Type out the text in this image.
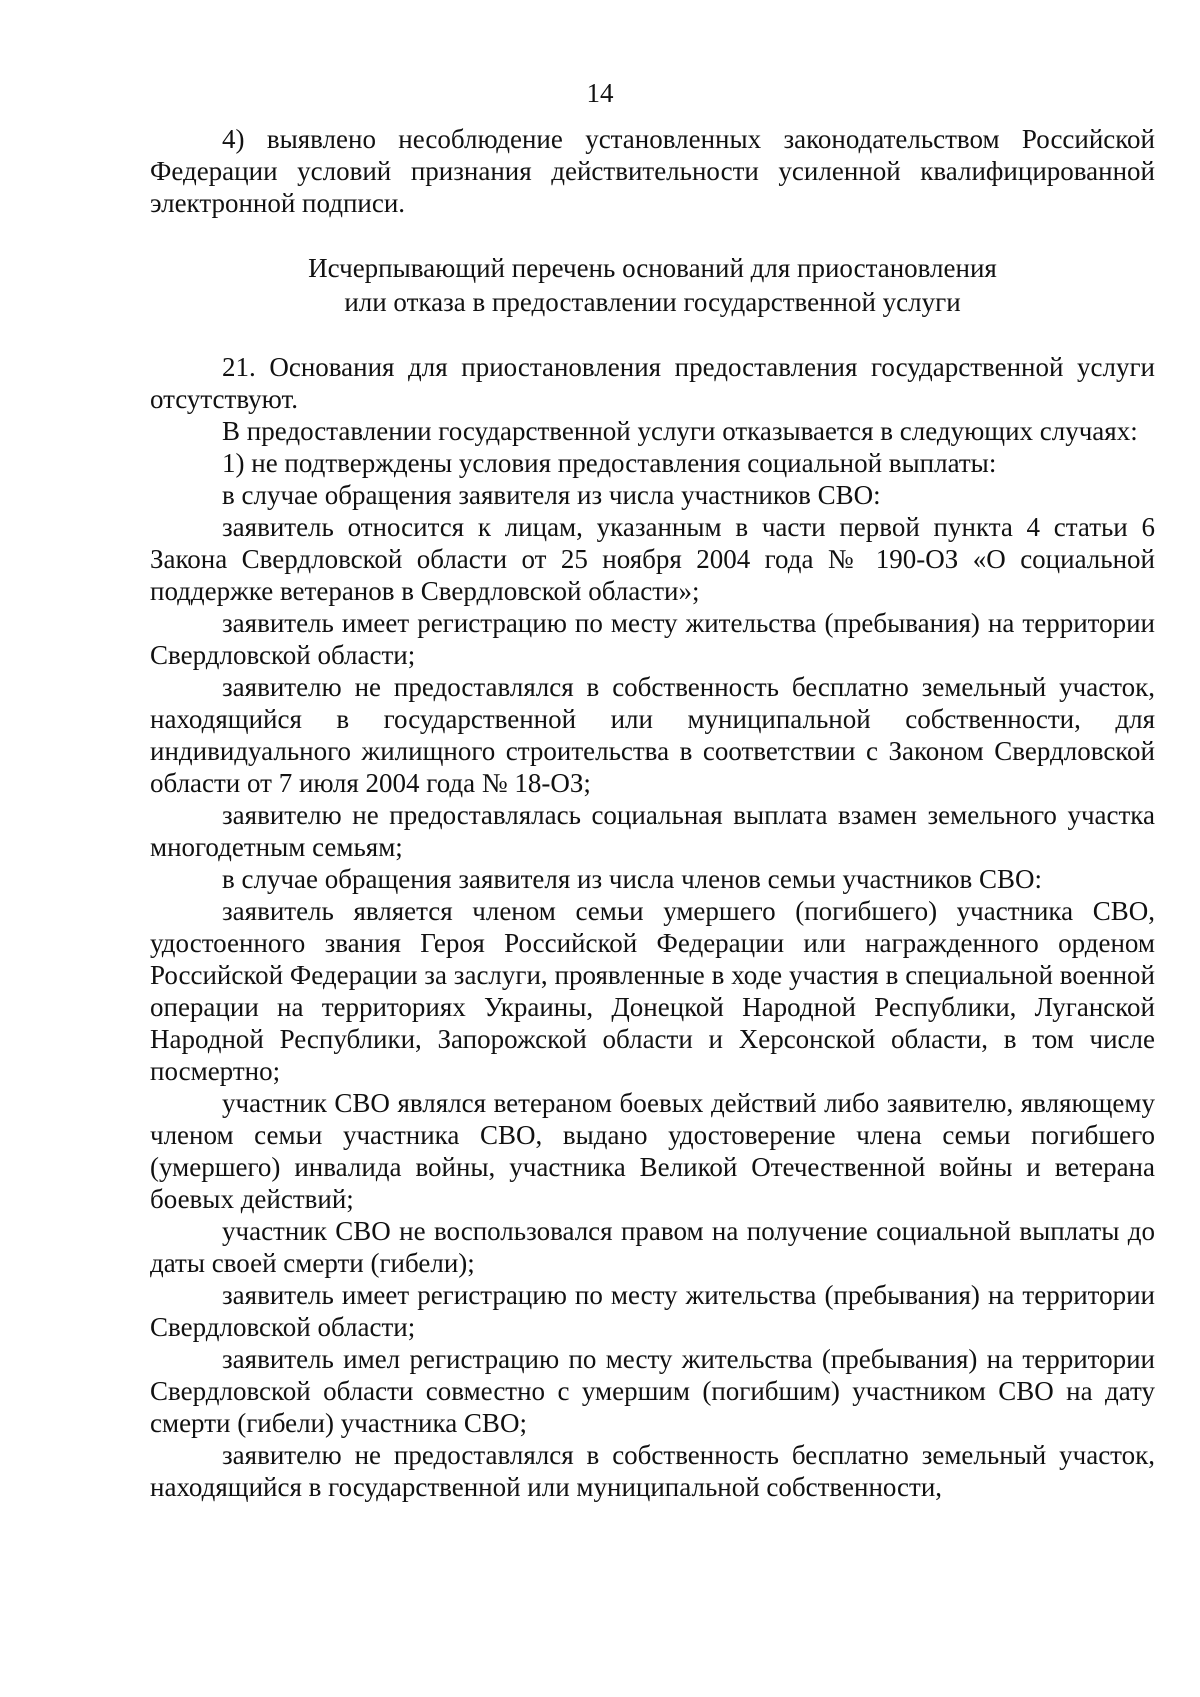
14

4) выявлено несоблюдение установленных законодательством Российской Федерации условий признания действительности усиленной квалифицированной электронной подписи.

Исчерпывающий перечень оснований для приостановления
или отказа в предоставлении государственной услуги

21. Основания для приостановления предоставления государственной услуги отсутствуют.

В предоставлении государственной услуги отказывается в следующих случаях:

1) не подтверждены условия предоставления социальной выплаты:

в случае обращения заявителя из числа участников СВО:

заявитель относится к лицам, указанным в части первой пункта 4 статьи 6 Закона Свердловской области от 25 ноября 2004 года № 190-ОЗ «О социальной поддержке ветеранов в Свердловской области»;

заявитель имеет регистрацию по месту жительства (пребывания) на территории Свердловской области;

заявителю не предоставлялся в собственность бесплатно земельный участок, находящийся в государственной или муниципальной собственности, для индивидуального жилищного строительства в соответствии с Законом Свердловской области от 7 июля 2004 года № 18-ОЗ;

заявителю не предоставлялась социальная выплата взамен земельного участка многодетным семьям;

в случае обращения заявителя из числа членов семьи участников СВО:

заявитель является членом семьи умершего (погибшего) участника СВО, удостоенного звания Героя Российской Федерации или награжденного орденом Российской Федерации за заслуги, проявленные в ходе участия в специальной военной операции на территориях Украины, Донецкой Народной Республики, Луганской Народной Республики, Запорожской области и Херсонской области, в том числе посмертно;

участник СВО являлся ветераном боевых действий либо заявителю, являющему членом семьи участника СВО, выдано удостоверение члена семьи погибшего (умершего) инвалида войны, участника Великой Отечественной войны и ветерана боевых действий;

участник СВО не воспользовался правом на получение социальной выплаты до даты своей смерти (гибели);

заявитель имеет регистрацию по месту жительства (пребывания) на территории Свердловской области;

заявитель имел регистрацию по месту жительства (пребывания) на территории Свердловской области совместно с умершим (погибшим) участником СВО на дату смерти (гибели) участника СВО;

заявителю не предоставлялся в собственность бесплатно земельный участок, находящийся в государственной или муниципальной собственности,
